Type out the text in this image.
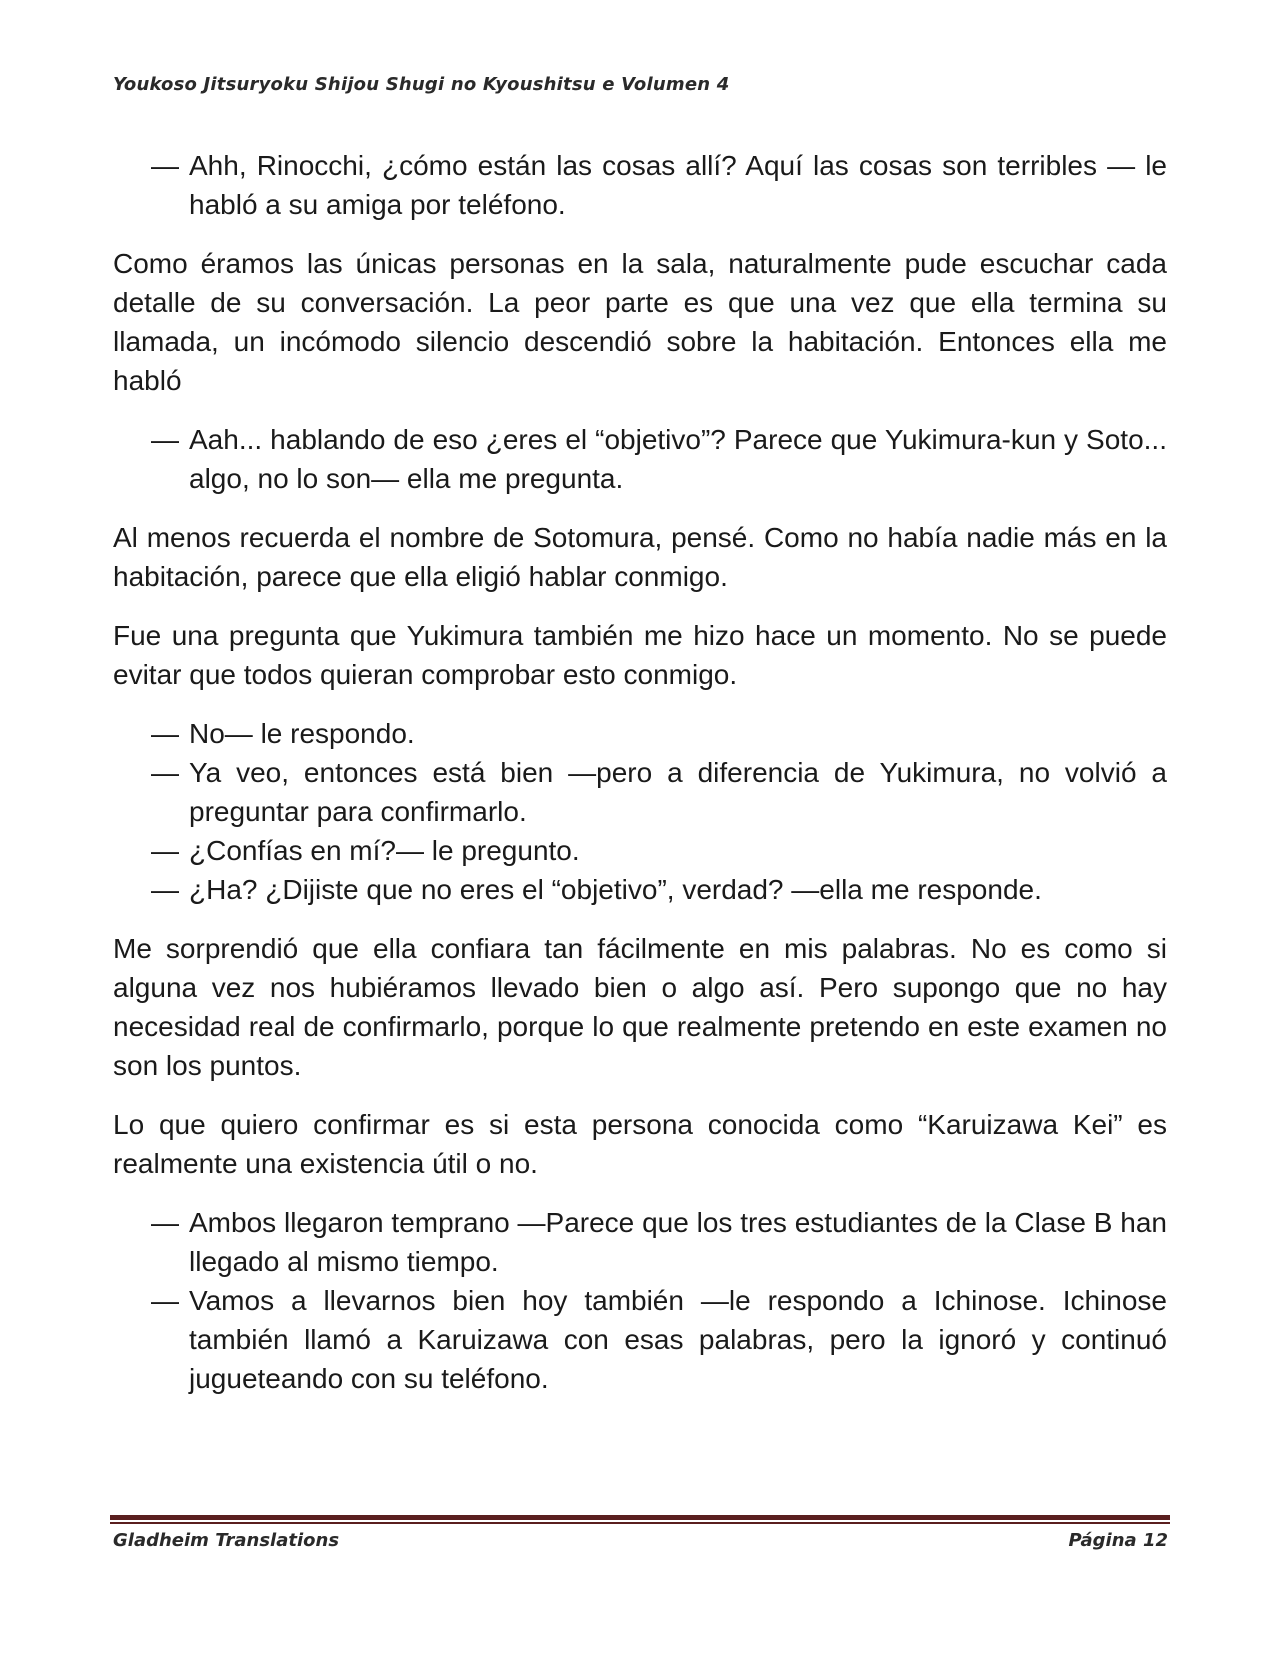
Youkoso Jitsuryoku Shijou Shugi no Kyoushitsu e Volumen 4

— Ahh, Rinocchi, ¿cómo están las cosas allí? Aquí las cosas son terribles — le habló a su amiga por teléfono.

Como éramos las únicas personas en la sala, naturalmente pude escuchar cada detalle de su conversación. La peor parte es que una vez que ella termina su llamada, un incómodo silencio descendió sobre la habitación. Entonces ella me habló

— Aah... hablando de eso ¿eres el “objetivo”? Parece que Yukimura-kun y Soto... algo, no lo son— ella me pregunta.

Al menos recuerda el nombre de Sotomura, pensé. Como no había nadie más en la habitación, parece que ella eligió hablar conmigo.

Fue una pregunta que Yukimura también me hizo hace un momento. No se puede evitar que todos quieran comprobar esto conmigo.

— No— le respondo.

— Ya veo, entonces está bien —pero a diferencia de Yukimura, no volvió a preguntar para confirmarlo.

— ¿Confías en mí?— le pregunto.

— ¿Ha? ¿Dijiste que no eres el “objetivo”, verdad? —ella me responde.

Me sorprendió que ella confiara tan fácilmente en mis palabras. No es como si alguna vez nos hubiéramos llevado bien o algo así. Pero supongo que no hay necesidad real de confirmarlo, porque lo que realmente pretendo en este examen no son los puntos.

Lo que quiero confirmar es si esta persona conocida como “Karuizawa Kei” es realmente una existencia útil o no.

— Ambos llegaron temprano —Parece que los tres estudiantes de la Clase B han llegado al mismo tiempo.

— Vamos a llevarnos bien hoy también —le respondo a Ichinose. Ichinose también llamó a Karuizawa con esas palabras, pero la ignoró y continuó jugueteando con su teléfono.

Gladheim Translations	Página 12
